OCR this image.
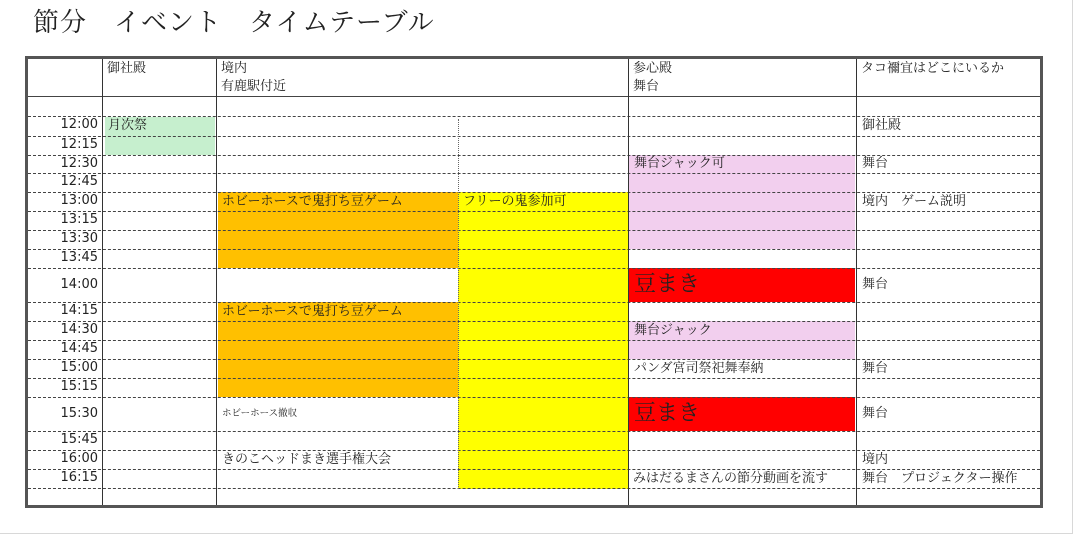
節分　イベント　タイムテーブル
御社殿	境内
有鹿駅付近
参心殿
舞台
タコ禰宜はどこにいるか
12:00
12:15
12:30
12:45
13:00
13:15
13:30
13:45
14:00
14:15
14:30
14:45
15:00
15:15
15:30
15:45
16:00
16:15
月次祭
ホビーホースで鬼打ち豆ゲーム	フリーの鬼参加可
ホビーホースで鬼打ち豆ゲーム
ホビーホース撤収
きのこヘッドまき選手権大会
舞台ジャック可
豆まき
舞台ジャック
パンダ宮司祭祀舞奉納
豆まき
みはだるまさんの節分動画を流す
御社殿
舞台
境内　ゲーム説明
舞台
舞台
舞台
境内
舞台　プロジェクター操作
